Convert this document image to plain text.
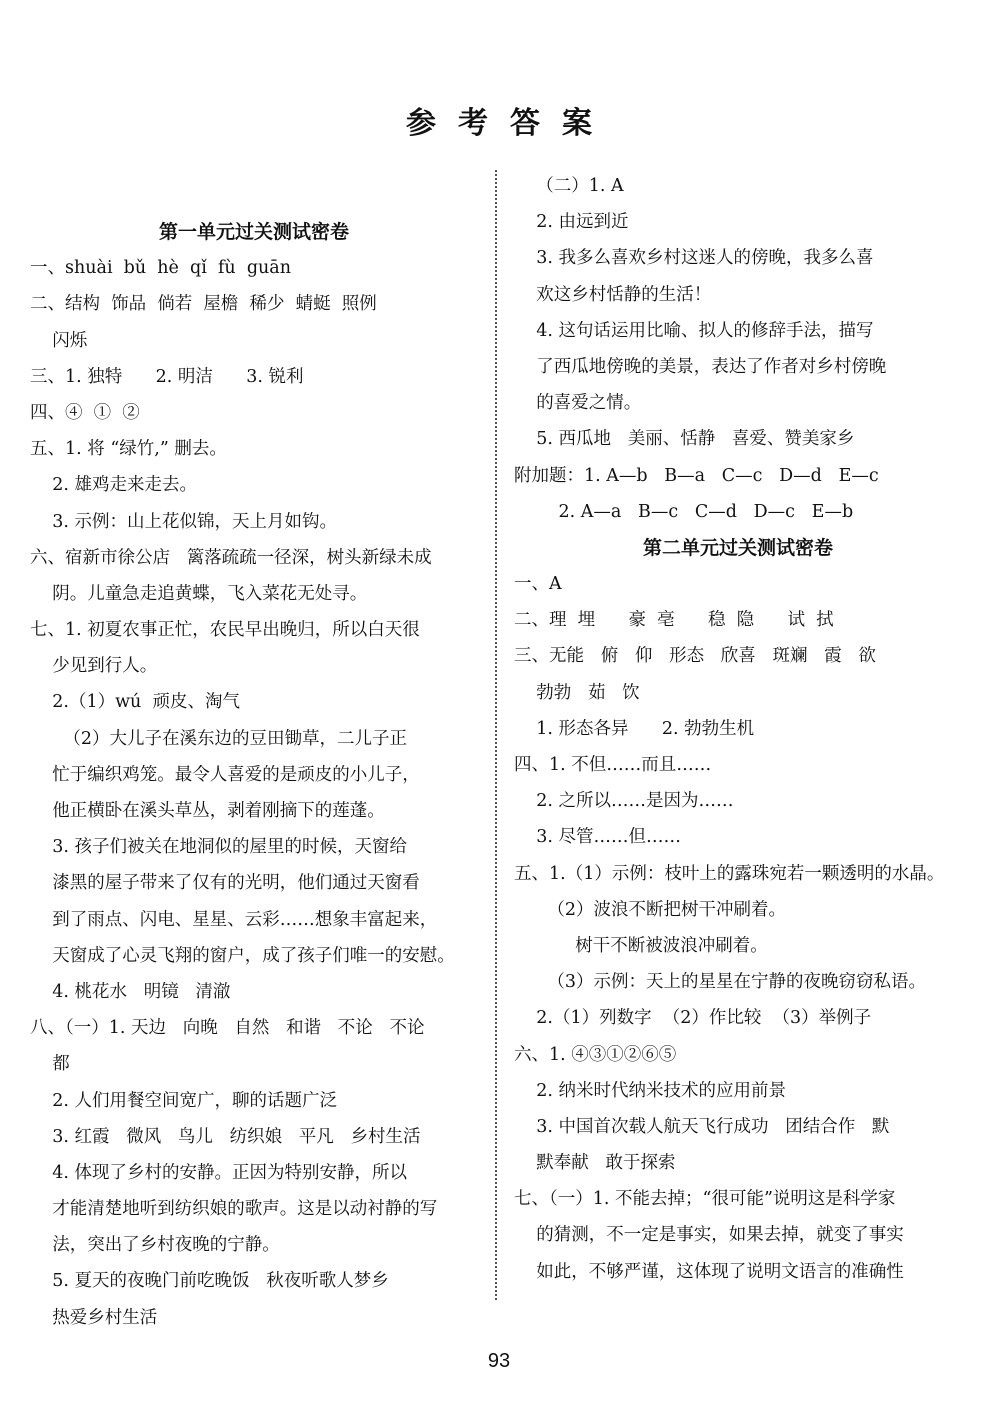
参考答案
第一单元过关测试密卷
一、shuài  bǔ  hè  qǐ  fù  guān
二、结构  饰品  倘若  屋檐  稀少  蜻蜓  照例
闪烁
三、1. 独特      2. 明洁      3. 锐利
四、④  ①  ②
五、1. 将 “绿竹,” 删去。
2. 雄鸡走来走去。
3. 示例：山上花似锦，天上月如钩。
六、宿新市徐公店   篱落疏疏一径深，树头新绿未成
阴。儿童急走追黄蝶，飞入菜花无处寻。
七、1. 初夏农事正忙，农民早出晚归，所以白天很
少见到行人。
2.（1）wú  顽皮、淘气
（2）大儿子在溪东边的豆田锄草，二儿子正
忙于编织鸡笼。最令人喜爱的是顽皮的小儿子，
他正横卧在溪头草丛，剥着刚摘下的莲蓬。
3. 孩子们被关在地洞似的屋里的时候，天窗给
漆黑的屋子带来了仅有的光明，他们通过天窗看
到了雨点、闪电、星星、云彩……想象丰富起来，
天窗成了心灵飞翔的窗户，成了孩子们唯一的安慰。
4. 桃花水   明镜   清澈
八、（一）1. 天边   向晚   自然   和谐   不论   不论
都
2. 人们用餐空间宽广，聊的话题广泛
3. 红霞   微风   鸟儿   纺织娘   平凡   乡村生活
4. 体现了乡村的安静。正因为特别安静，所以
才能清楚地听到纺织娘的歌声。这是以动衬静的写
法，突出了乡村夜晚的宁静。
5. 夏天的夜晚门前吃晚饭   秋夜听歌人梦乡
热爱乡村生活
（二）1. A
2. 由远到近
3. 我多么喜欢乡村这迷人的傍晚，我多么喜
欢这乡村恬静的生活！
4. 这句话运用比喻、拟人的修辞手法，描写
了西瓜地傍晚的美景，表达了作者对乡村傍晚
的喜爱之情。
5. 西瓜地   美丽、恬静   喜爱、赞美家乡
附加题：1. A—b   B—a   C—c   D—d   E—c
2. A—a   B—c   C—d   D—c   E—b
第二单元过关测试密卷
一、A
二、理  埋      豪  亳      稳  隐      试  拭
三、无能   俯   仰   形态   欣喜   斑斓   霞   欲
勃勃   茹   饮
1. 形态各异      2. 勃勃生机
四、1. 不但……而且……
2. 之所以……是因为……
3. 尽管……但……
五、1.（1）示例：枝叶上的露珠宛若一颗透明的水晶。
（2）波浪不断把树干冲刷着。
树干不断被波浪冲刷着。
（3）示例：天上的星星在宁静的夜晚窃窃私语。
2.（1）列数字  （2）作比较  （3）举例子
六、1. ④③①②⑥⑤
2. 纳米时代纳米技术的应用前景
3. 中国首次载人航天飞行成功   团结合作   默
默奉献   敢于探索
七、（一）1. 不能去掉；“很可能”说明这是科学家
的猜测，不一定是事实，如果去掉，就变了事实
如此，不够严谨，这体现了说明文语言的准确性
93
